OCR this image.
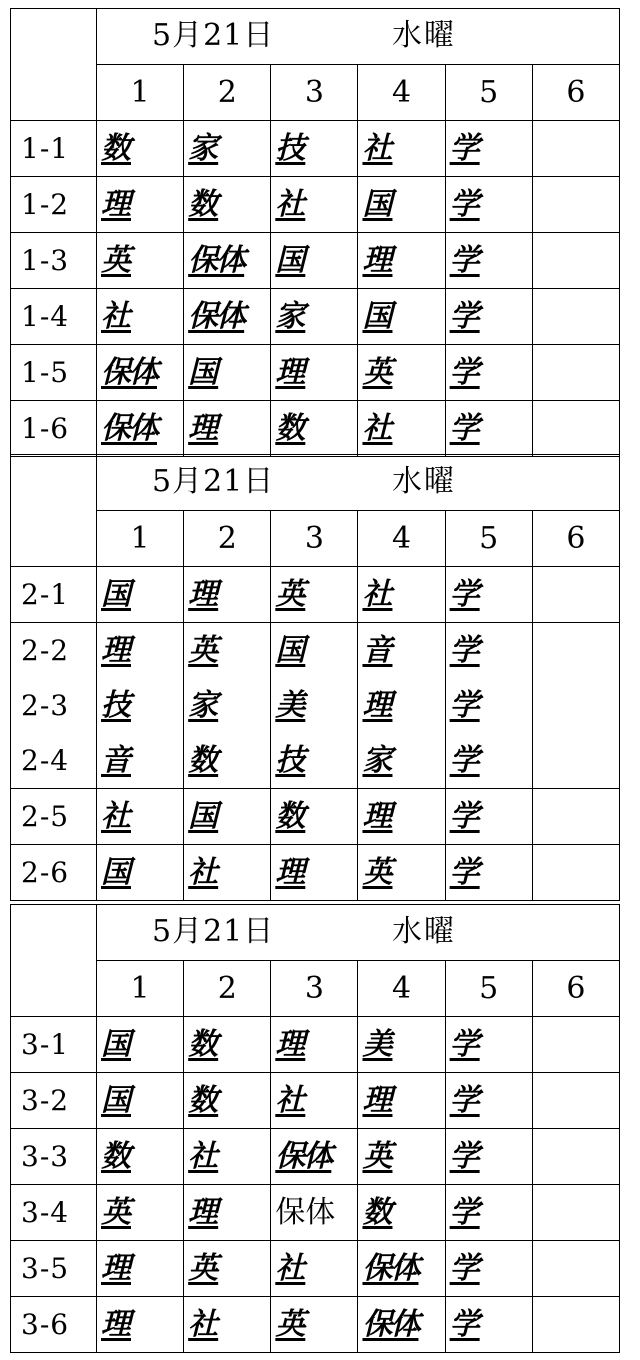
	5月21日 水曜					
	1	2	3	4	5	6
1-1	数	家	技	社	学	
1-2	理	数	社	国	学	
1-3	英	保体	国	理	学	
1-4	社	保体	家	国	学	
1-5	保体	国	理	英	学	
1-6	保体	理	数	社	学	
	5月21日 水曜					
	1	2	3	4	5	6
2-1	国	理	英	社	学	
2-2	理	英	国	音	学	
2-3	技	家	美	理	学	
2-4	音	数	技	家	学	
2-5	社	国	数	理	学	
2-6	国	社	理	英	学	
	5月21日 水曜					
	1	2	3	4	5	6
3-1	国	数	理	美	学	
3-2	国	数	社	理	学	
3-3	数	社	保体	英	学	
3-4	英	理	保体	数	学	
3-5	理	英	社	保体	学	
3-6	理	社	英	保体	学	
